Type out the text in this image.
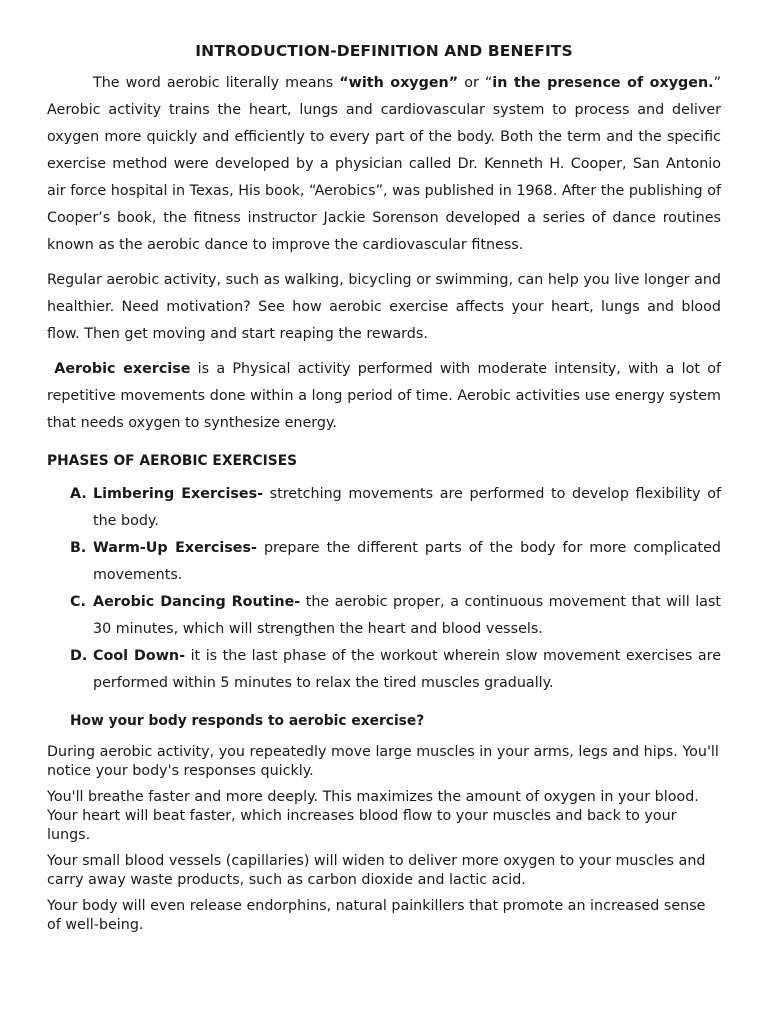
INTRODUCTION-DEFINITION AND BENEFITS

The word aerobic literally means “with oxygen” or “in the presence of oxygen.” Aerobic activity trains the heart, lungs and cardiovascular system to process and deliver oxygen more quickly and efficiently to every part of the body. Both the term and the specific exercise method were developed by a physician called Dr. Kenneth H. Cooper, San Antonio air force hospital in Texas, His book, “Aerobics”, was published in 1968. After the publishing of Cooper’s book, the fitness instructor Jackie Sorenson developed a series of dance routines known as the aerobic dance to improve the cardiovascular fitness.

Regular aerobic activity, such as walking, bicycling or swimming, can help you live longer and healthier. Need motivation? See how aerobic exercise affects your heart, lungs and blood flow. Then get moving and start reaping the rewards.

Aerobic exercise is a Physical activity performed with moderate intensity, with a lot of repetitive movements done within a long period of time. Aerobic activities use energy system that needs oxygen to synthesize energy.

PHASES OF AEROBIC EXERCISES
A. Limbering Exercises- stretching movements are performed to develop flexibility of the body.
B. Warm-Up Exercises- prepare the different parts of the body for more complicated movements.
C. Aerobic Dancing Routine- the aerobic proper, a continuous movement that will last 30 minutes, which will strengthen the heart and blood vessels.
D. Cool Down- it is the last phase of the workout wherein slow movement exercises are performed within 5 minutes to relax the tired muscles gradually.
How your body responds to aerobic exercise?

During aerobic activity, you repeatedly move large muscles in your arms, legs and hips. You'll notice your body's responses quickly.

You'll breathe faster and more deeply. This maximizes the amount of oxygen in your blood. Your heart will beat faster, which increases blood flow to your muscles and back to your lungs.

Your small blood vessels (capillaries) will widen to deliver more oxygen to your muscles and carry away waste products, such as carbon dioxide and lactic acid.

Your body will even release endorphins, natural painkillers that promote an increased sense of well-being.
